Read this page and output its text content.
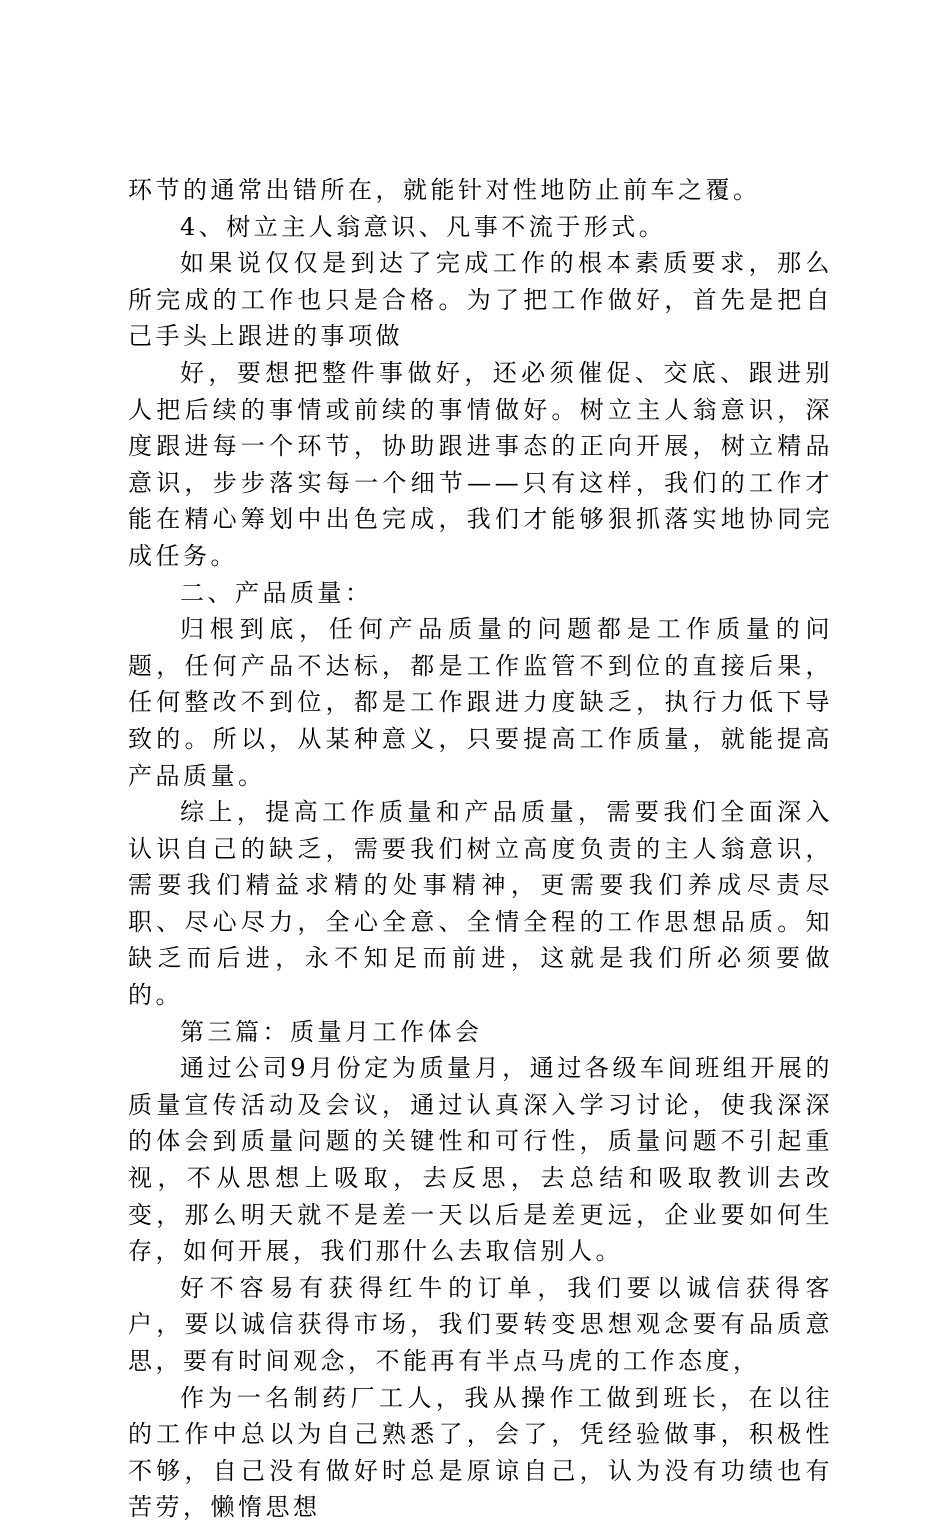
环节的通常出错所在，就能针对性地防止前车之覆。

4、树立主人翁意识、凡事不流于形式。

如果说仅仅是到达了完成工作的根本素质要求，那么所完成的工作也只是合格。为了把工作做好，首先是把自己手头上跟进的事项做

好，要想把整件事做好，还必须催促、交底、跟进别人把后续的事情或前续的事情做好。树立主人翁意识，深度跟进每一个环节，协助跟进事态的正向开展，树立精品意识，步步落实每一个细节——只有这样，我们的工作才能在精心筹划中出色完成，我们才能够狠抓落实地协同完成任务。

二、产品质量：

归根到底，任何产品质量的问题都是工作质量的问题，任何产品不达标，都是工作监管不到位的直接后果，任何整改不到位，都是工作跟进力度缺乏，执行力低下导致的。所以，从某种意义，只要提高工作质量，就能提高产品质量。

综上，提高工作质量和产品质量，需要我们全面深入认识自己的缺乏，需要我们树立高度负责的主人翁意识，需要我们精益求精的处事精神，更需要我们养成尽责尽职、尽心尽力，全心全意、全情全程的工作思想品质。知缺乏而后进，永不知足而前进，这就是我们所必须要做的。

第三篇：质量月工作体会

通过公司9月份定为质量月，通过各级车间班组开展的质量宣传活动及会议，通过认真深入学习讨论，使我深深的体会到质量问题的关键性和可行性，质量问题不引起重视，不从思想上吸取，去反思，去总结和吸取教训去改变，那么明天就不是差一天以后是差更远，企业要如何生存，如何开展，我们那什么去取信别人。

好不容易有获得红牛的订单，我们要以诚信获得客户，要以诚信获得市场，我们要转变思想观念要有品质意思，要有时间观念，不能再有半点马虎的工作态度，

作为一名制药厂工人，我从操作工做到班长，在以往的工作中总以为自己熟悉了，会了，凭经验做事，积极性不够，自己没有做好时总是原谅自己，认为没有功绩也有苦劳，懒惰思想
